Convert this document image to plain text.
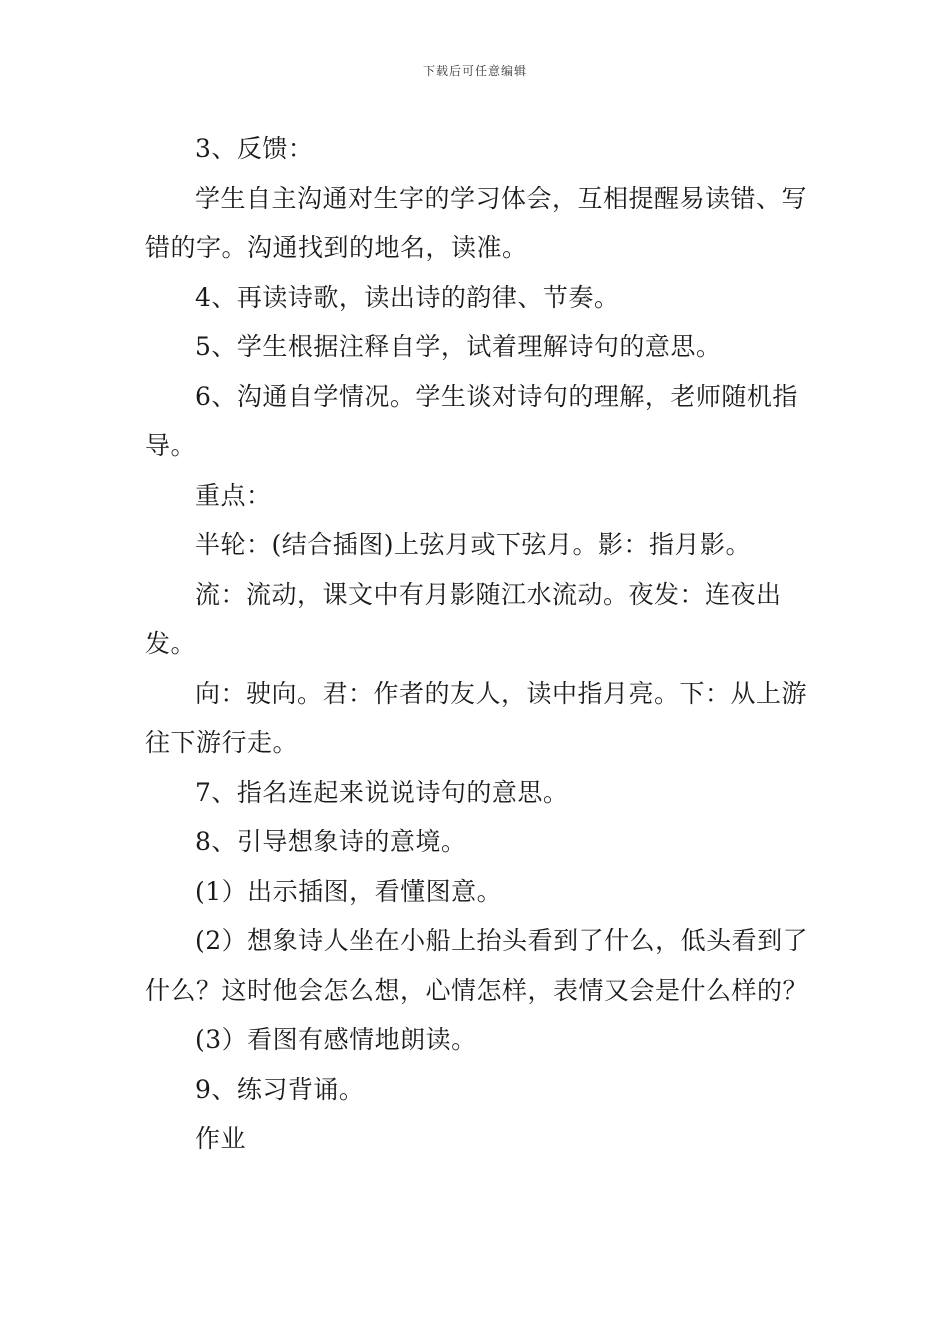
下载后可任意编辑

3、反馈：

学生自主沟通对生字的学习体会，互相提醒易读错、写错的字。沟通找到的地名，读准。

4、再读诗歌，读出诗的韵律、节奏。

5、学生根据注释自学，试着理解诗句的意思。

6、沟通自学情况。学生谈对诗句的理解，老师随机指导。

重点：

半轮：(结合插图)上弦月或下弦月。影：指月影。

流：流动，课文中有月影随江水流动。夜发：连夜出发。

向：驶向。君：作者的友人，读中指月亮。下：从上游往下游行走。

7、指名连起来说说诗句的意思。

8、引导想象诗的意境。

(1）出示插图，看懂图意。

(2）想象诗人坐在小船上抬头看到了什么，低头看到了什么？这时他会怎么想，心情怎样，表情又会是什么样的？

(3）看图有感情地朗读。

9、练习背诵。

作业
